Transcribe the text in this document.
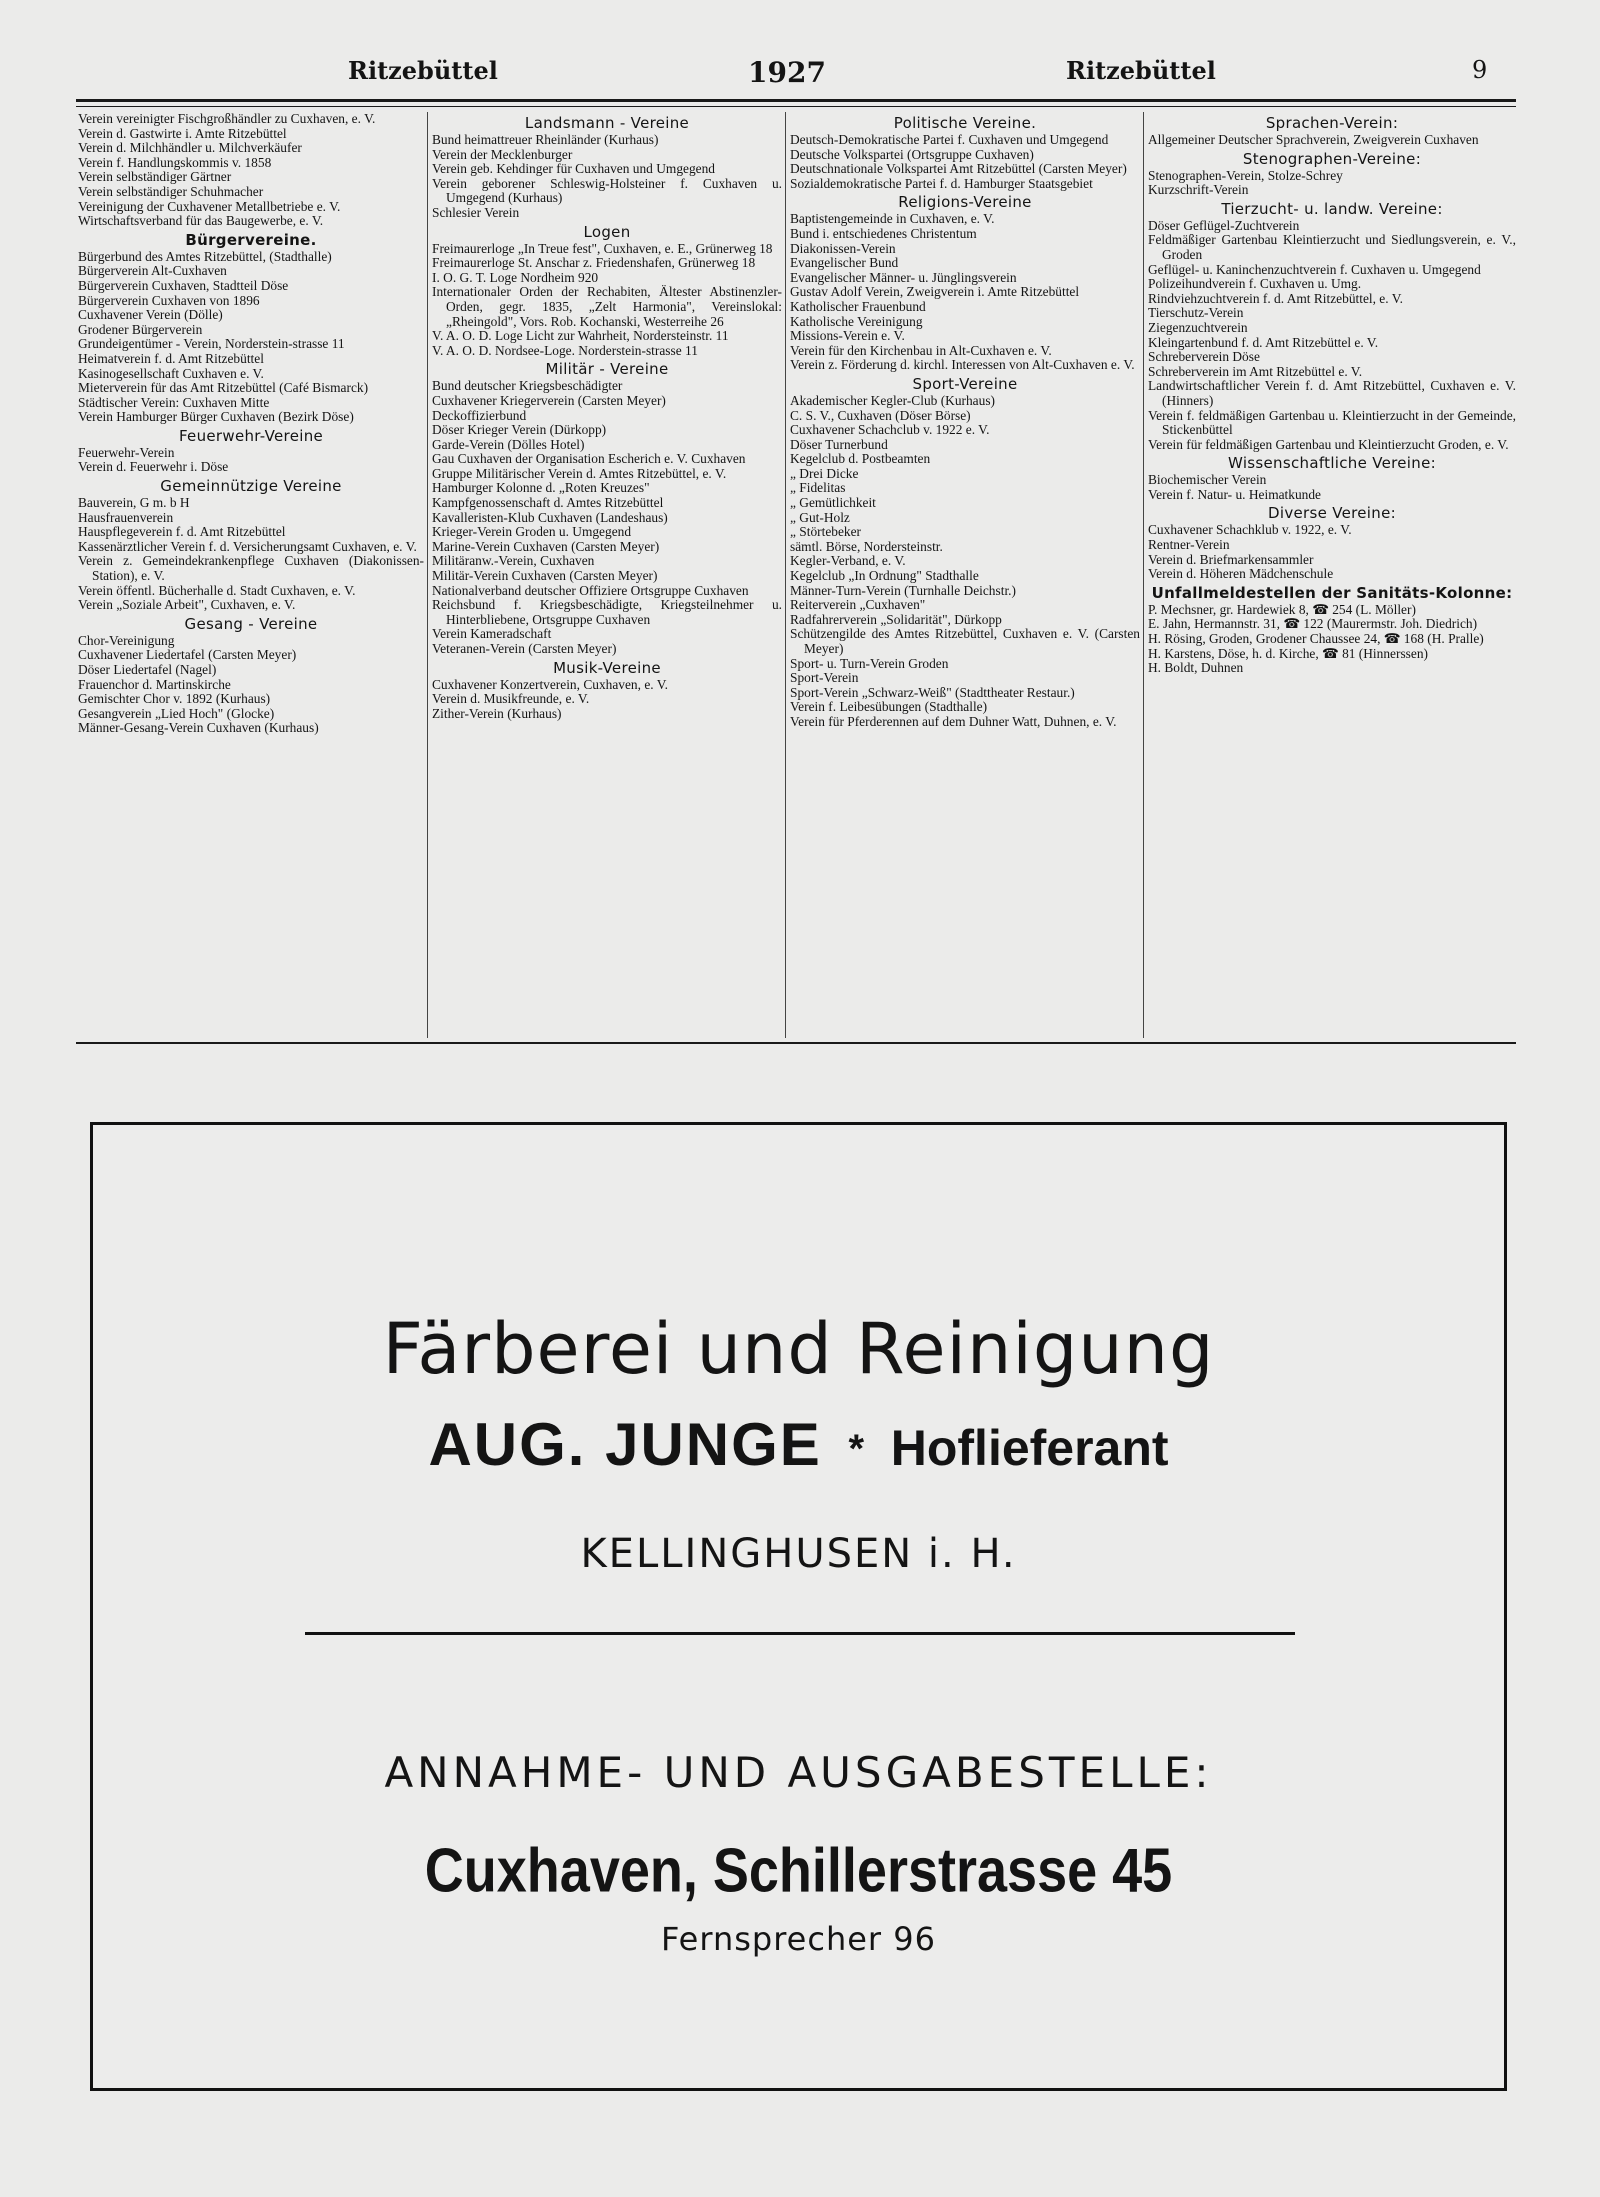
Ritzebüttel	1927	Ritzebüttel	9
Verein vereinigter Fischgroßhändler zu Cuxhaven, e. V.
Verein d. Gastwirte i. Amte Ritzebüttel
Verein d. Milchhändler u. Milchverkäufer
Verein f. Handlungskommis v. 1858
Verein selbständiger Gärtner
Verein selbständiger Schuhmacher
Vereinigung der Cuxhavener Metallbetriebe e. V.
Wirtschaftsverband für das Baugewerbe, e. V.
Bürgervereine.
Bürgerbund des Amtes Ritzebüttel, (Stadthalle)
Bürgerverein Alt-Cuxhaven
Bürgerverein Cuxhaven, Stadtteil Döse
Bürgerverein Cuxhaven von 1896
Cuxhavener Verein (Dölle)
Grodener Bürgerverein
Grundeigentümer - Verein, Norderstein-strasse 11
Heimatverein f. d. Amt Ritzebüttel
Kasinogesellschaft Cuxhaven e. V.
Mieterverein für das Amt Ritzebüttel (Café Bismarck)
Städtischer Verein: Cuxhaven Mitte
Verein Hamburger Bürger Cuxhaven (Bezirk Döse)
Feuerwehr-Vereine
Feuerwehr-Verein
Verein d. Feuerwehr i. Döse
Gemeinnützige Vereine
Bauverein, G m. b H
Hausfrauenverein
Hauspflegeverein f. d. Amt Ritzebüttel
Kassenärztlicher Verein f. d. Versicherungsamt Cuxhaven, e. V.
Verein z. Gemeindekrankenpflege Cuxhaven (Diakonissen-Station), e. V.
Verein öffentl. Bücherhalle d. Stadt Cuxhaven, e. V.
Verein „Soziale Arbeit", Cuxhaven, e. V.
Gesang - Vereine
Chor-Vereinigung
Cuxhavener Liedertafel (Carsten Meyer)
Döser Liedertafel (Nagel)
Frauenchor d. Martinskirche
Gemischter Chor v. 1892 (Kurhaus)
Gesangverein „Lied Hoch" (Glocke)
Männer-Gesang-Verein Cuxhaven (Kurhaus)
Landsmann - Vereine
Bund heimattreuer Rheinländer (Kurhaus)
Verein der Mecklenburger
Verein geb. Kehdinger für Cuxhaven und Umgegend
Verein geborener Schleswig-Holsteiner f. Cuxhaven u. Umgegend (Kurhaus)
Schlesier Verein
Logen
Freimaurerloge „In Treue fest", Cuxhaven, e. E., Grünerweg 18
Freimaurerloge St. Anschar z. Friedenshafen, Grünerweg 18
I. O. G. T. Loge Nordheim 920
Internationaler Orden der Rechabiten, Ältester Abstinenzler-Orden, gegr. 1835, „Zelt Harmonia", Vereinslokal: „Rheingold", Vors. Rob. Kochanski, Westerreihe 26
V. A. O. D. Loge Licht zur Wahrheit, Nordersteinstr. 11
V. A. O. D. Nordsee-Loge. Norderstein-strasse 11
Militär - Vereine
Bund deutscher Kriegsbeschädigter
Cuxhavener Kriegerverein (Carsten Meyer)
Deckoffizierbund
Döser Krieger Verein (Dürkopp)
Garde-Verein (Dölles Hotel)
Gau Cuxhaven der Organisation Escherich e. V. Cuxhaven
Gruppe Militärischer Verein d. Amtes Ritzebüttel, e. V.
Hamburger Kolonne d. „Roten Kreuzes"
Kampfgenossenschaft d. Amtes Ritzebüttel
Kavalleristen-Klub Cuxhaven (Landeshaus)
Krieger-Verein Groden u. Umgegend
Marine-Verein Cuxhaven (Carsten Meyer)
Militäranw.-Verein, Cuxhaven
Militär-Verein Cuxhaven (Carsten Meyer)
Nationalverband deutscher Offiziere Ortsgruppe Cuxhaven
Reichsbund f. Kriegsbeschädigte, Kriegsteilnehmer u. Hinterbliebene, Ortsgruppe Cuxhaven
Verein Kameradschaft
Veteranen-Verein (Carsten Meyer)
Musik-Vereine
Cuxhavener Konzertverein, Cuxhaven, e. V.
Verein d. Musikfreunde, e. V.
Zither-Verein (Kurhaus)
Politische Vereine.
Deutsch-Demokratische Partei f. Cuxhaven und Umgegend
Deutsche Volkspartei (Ortsgruppe Cuxhaven)
Deutschnationale Volkspartei Amt Ritzebüttel (Carsten Meyer)
Sozialdemokratische Partei f. d. Hamburger Staatsgebiet
Religions-Vereine
Baptistengemeinde in Cuxhaven, e. V.
Bund i. entschiedenes Christentum
Diakonissen-Verein
Evangelischer Bund
Evangelischer Männer- u. Jünglingsverein
Gustav Adolf Verein, Zweigverein i. Amte Ritzebüttel
Katholischer Frauenbund
Katholische Vereinigung
Missions-Verein e. V.
Verein für den Kirchenbau in Alt-Cuxhaven e. V.
Verein z. Förderung d. kirchl. Interessen von Alt-Cuxhaven e. V.
Sport-Vereine
Akademischer Kegler-Club (Kurhaus)
C. S. V., Cuxhaven (Döser Börse)
Cuxhavener Schachclub v. 1922 e. V.
Döser Turnerbund
Kegelclub d. Postbeamten
„ Drei Dicke
„ Fidelitas
„ Gemütlichkeit
„ Gut-Holz
„ Störtebeker
sämtl. Börse, Nordersteinstr.
Kegler-Verband, e. V.
Kegelclub „In Ordnung" Stadthalle
Männer-Turn-Verein (Turnhalle Deichstr.)
Reiterverein „Cuxhaven"
Radfahrerverein „Solidarität", Dürkopp
Schützengilde des Amtes Ritzebüttel, Cuxhaven e. V. (Carsten Meyer)
Sport- u. Turn-Verein Groden
Sport-Verein
Sport-Verein „Schwarz-Weiß" (Stadttheater Restaur.)
Verein f. Leibesübungen (Stadthalle)
Verein für Pferderennen auf dem Duhner Watt, Duhnen, e. V.
Sprachen-Verein:
Allgemeiner Deutscher Sprachverein, Zweigverein Cuxhaven
Stenographen-Vereine:
Stenographen-Verein, Stolze-Schrey
Kurzschrift-Verein
Tierzucht- u. landw. Vereine:
Döser Geflügel-Zuchtverein
Feldmäßiger Gartenbau Kleintierzucht und Siedlungsverein, e. V., Groden
Geflügel- u. Kaninchenzuchtverein f. Cuxhaven u. Umgegend
Polizeihundverein f. Cuxhaven u. Umg.
Rindviehzuchtverein f. d. Amt Ritzebüttel, e. V.
Tierschutz-Verein
Ziegenzuchtverein
Kleingartenbund f. d. Amt Ritzebüttel e. V.
Schreberverein Döse
Schreberverein im Amt Ritzebüttel e. V.
Landwirtschaftlicher Verein f. d. Amt Ritzebüttel, Cuxhaven e. V. (Hinners)
Verein f. feldmäßigen Gartenbau u. Kleintierzucht in der Gemeinde, Stickenbüttel
Verein für feldmäßigen Gartenbau und Kleintierzucht Groden, e. V.
Wissenschaftliche Vereine:
Biochemischer Verein
Verein f. Natur- u. Heimatkunde
Diverse Vereine:
Cuxhavener Schachklub v. 1922, e. V.
Rentner-Verein
Verein d. Briefmarkensammler
Verein d. Höheren Mädchenschule
Unfallmeldestellen der Sanitäts-Kolonne:
P. Mechsner, gr. Hardewiek 8, ☎ 254 (L. Möller)
E. Jahn, Hermannstr. 31, ☎ 122 (Maurermstr. Joh. Diedrich)
H. Rösing, Groden, Grodener Chaussee 24, ☎ 168 (H. Pralle)
H. Karstens, Döse, h. d. Kirche, ☎ 81 (Hinnerssen)
H. Boldt, Duhnen
Färberei und Reinigung
AUG. JUNGE * Hoflieferant
KELLINGHUSEN i. H.
ANNAHME- UND AUSGABESTELLE:
Cuxhaven, Schillerstrasse 45
Fernsprecher 96
